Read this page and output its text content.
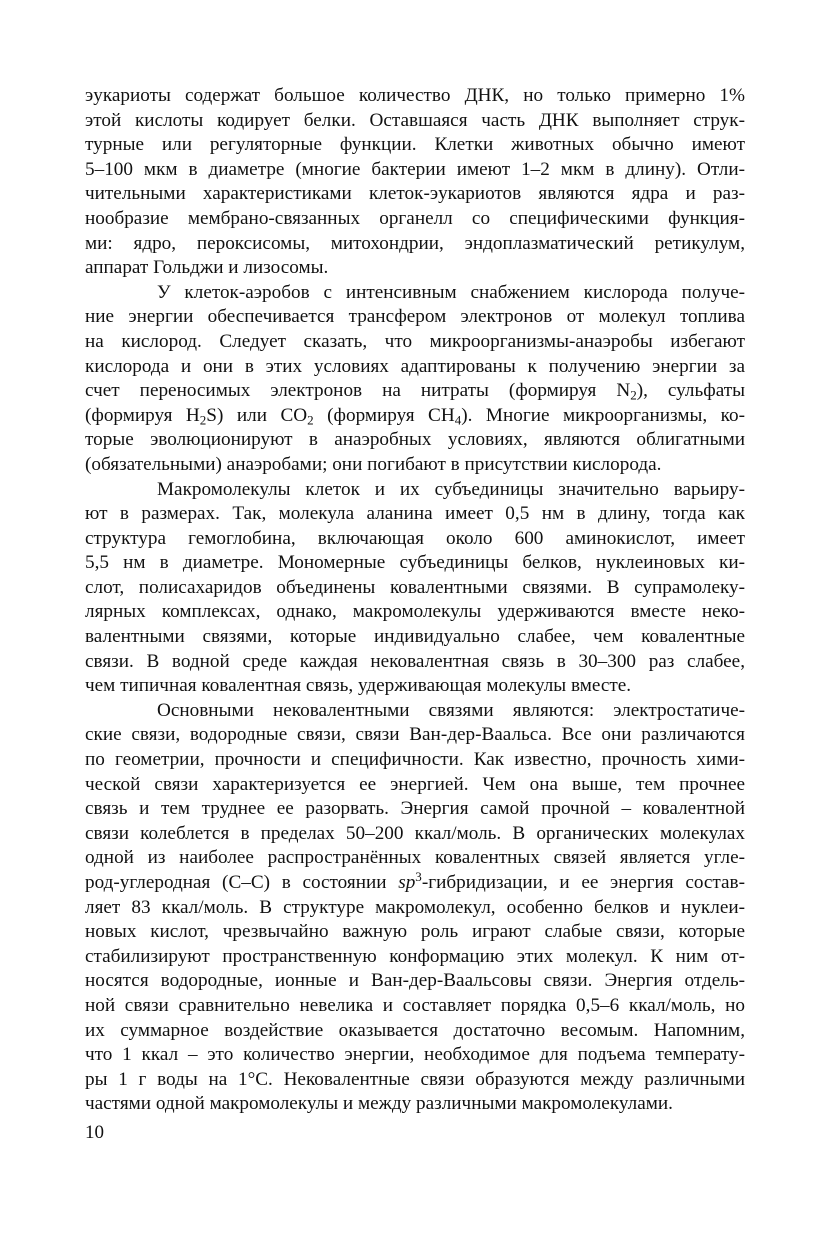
эукариоты содержат большое количество ДНК, но только примерно 1%
этой кислоты кодирует белки. Оставшаяся часть ДНК выполняет струк-
турные или регуляторные функции. Клетки животных обычно имеют
5–100 мкм в диаметре (многие бактерии имеют 1–2 мкм в длину). Отли-
чительными характеристиками клеток-эукариотов являются ядра и раз-
нообразие мембрано-связанных органелл со специфическими функция-
ми: ядро, пероксисомы, митохондрии, эндоплазматический ретикулум,
аппарат Гольджи и лизосомы.

У клеток-аэробов с интенсивным снабжением кислорода получе-
ние энергии обеспечивается трансфером электронов от молекул топлива
на кислород. Следует сказать, что микроорганизмы-анаэробы избегают
кислорода и они в этих условиях адаптированы к получению энергии за
счет переносимых электронов на нитраты (формируя $N_2$), сульфаты
(формируя $H_2S$) или $CO_2$ (формируя $CH_4$). Многие микроорганизмы, ко-
торые эволюционируют в анаэробных условиях, являются облигатными
(обязательными) анаэробами; они погибают в присутствии кислорода.

Макромолекулы клеток и их субъединицы значительно варьиру-
ют в размерах. Так, молекула аланина имеет 0,5 нм в длину, тогда как
структура гемоглобина, включающая около 600 аминокислот, имеет
5,5 нм в диаметре. Мономерные субъединицы белков, нуклеиновых ки-
слот, полисахаридов объединены ковалентными связями. В супрамолеку-
лярных комплексах, однако, макромолекулы удерживаются вместе неко-
валентными связями, которые индивидуально слабее, чем ковалентные
связи. В водной среде каждая нековалентная связь в 30–300 раз слабее,
чем типичная ковалентная связь, удерживающая молекулы вместе.

Основными нековалентными связями являются: электростатиче-
ские связи, водородные связи, связи Ван-дер-Ваальса. Все они различаются
по геометрии, прочности и специфичности. Как известно, прочность хими-
ческой связи характеризуется ее энергией. Чем она выше, тем прочнее
связь и тем труднее ее разорвать. Энергия самой прочной – ковалентной
связи колеблется в пределах 50–200 ккал/моль. В органических молекулах
одной из наиболее распространённых ковалентных связей является угле-
род-углеродная (С–С) в состоянии $sp^3$-гибридизации, и ее энергия состав-
ляет 83 ккал/моль. В структуре макромолекул, особенно белков и нуклеи-
новых кислот, чрезвычайно важную роль играют слабые связи, которые
стабилизируют пространственную конформацию этих молекул. К ним от-
носятся водородные, ионные и Ван-дер-Ваальсовы связи. Энергия отдель-
ной связи сравнительно невелика и составляет порядка 0,5–6 ккал/моль, но
их суммарное воздействие оказывается достаточно весомым. Напомним,
что 1 ккал – это количество энергии, необходимое для подъема температу-
ры 1 г воды на 1°С. Нековалентные связи образуются между различными
частями одной макромолекулы и между различными макромолекулами.

10
